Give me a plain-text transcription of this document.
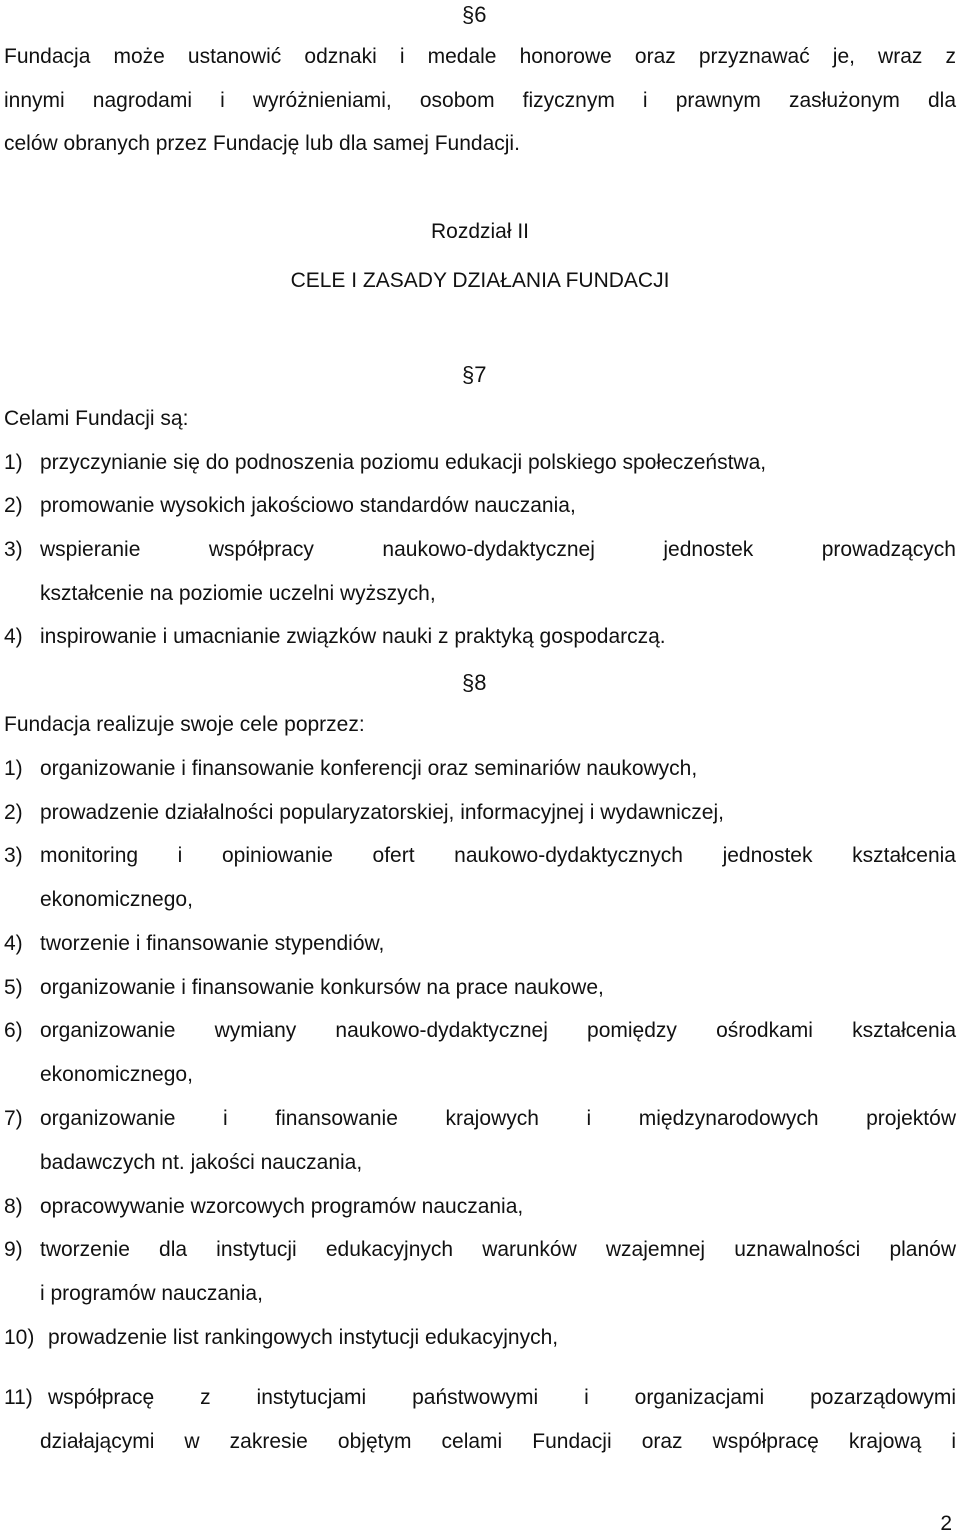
§6
Fundacja może ustanowić odznaki i medale honorowe oraz przyznawać je, wraz z
innymi nagrodami i wyróżnieniami, osobom fizycznym i prawnym zasłużonym dla
celów obranych przez Fundację lub dla samej Fundacji.
Rozdział II
CELE I ZASADY DZIAŁANIA FUNDACJI
§7
Celami Fundacji są:
1) przyczynianie się do podnoszenia poziomu edukacji polskiego społeczeństwa,
2) promowanie wysokich jakościowo standardów nauczania,
3) wspieranie współpracy naukowo-dydaktycznej jednostek prowadzących
kształcenie na poziomie uczelni wyższych,
4) inspirowanie i umacnianie związków nauki z praktyką gospodarczą.
§8
Fundacja realizuje swoje cele poprzez:
1) organizowanie i finansowanie konferencji oraz seminariów naukowych,
2) prowadzenie działalności popularyzatorskiej, informacyjnej i wydawniczej,
3) monitoring i opiniowanie ofert naukowo-dydaktycznych jednostek kształcenia
ekonomicznego,
4) tworzenie i finansowanie stypendiów,
5) organizowanie i finansowanie konkursów na prace naukowe,
6) organizowanie wymiany naukowo-dydaktycznej pomiędzy ośrodkami kształcenia
ekonomicznego,
7) organizowanie i finansowanie krajowych i międzynarodowych projektów
badawczych nt. jakości nauczania,
8) opracowywanie wzorcowych programów nauczania,
9) tworzenie dla instytucji edukacyjnych warunków wzajemnej uznawalności planów
i programów nauczania,
10) prowadzenie list rankingowych instytucji edukacyjnych,
11) współpracę z instytucjami państwowymi i organizacjami pozarządowymi
działającymi w zakresie objętym celami Fundacji oraz współpracę krajową i
2
